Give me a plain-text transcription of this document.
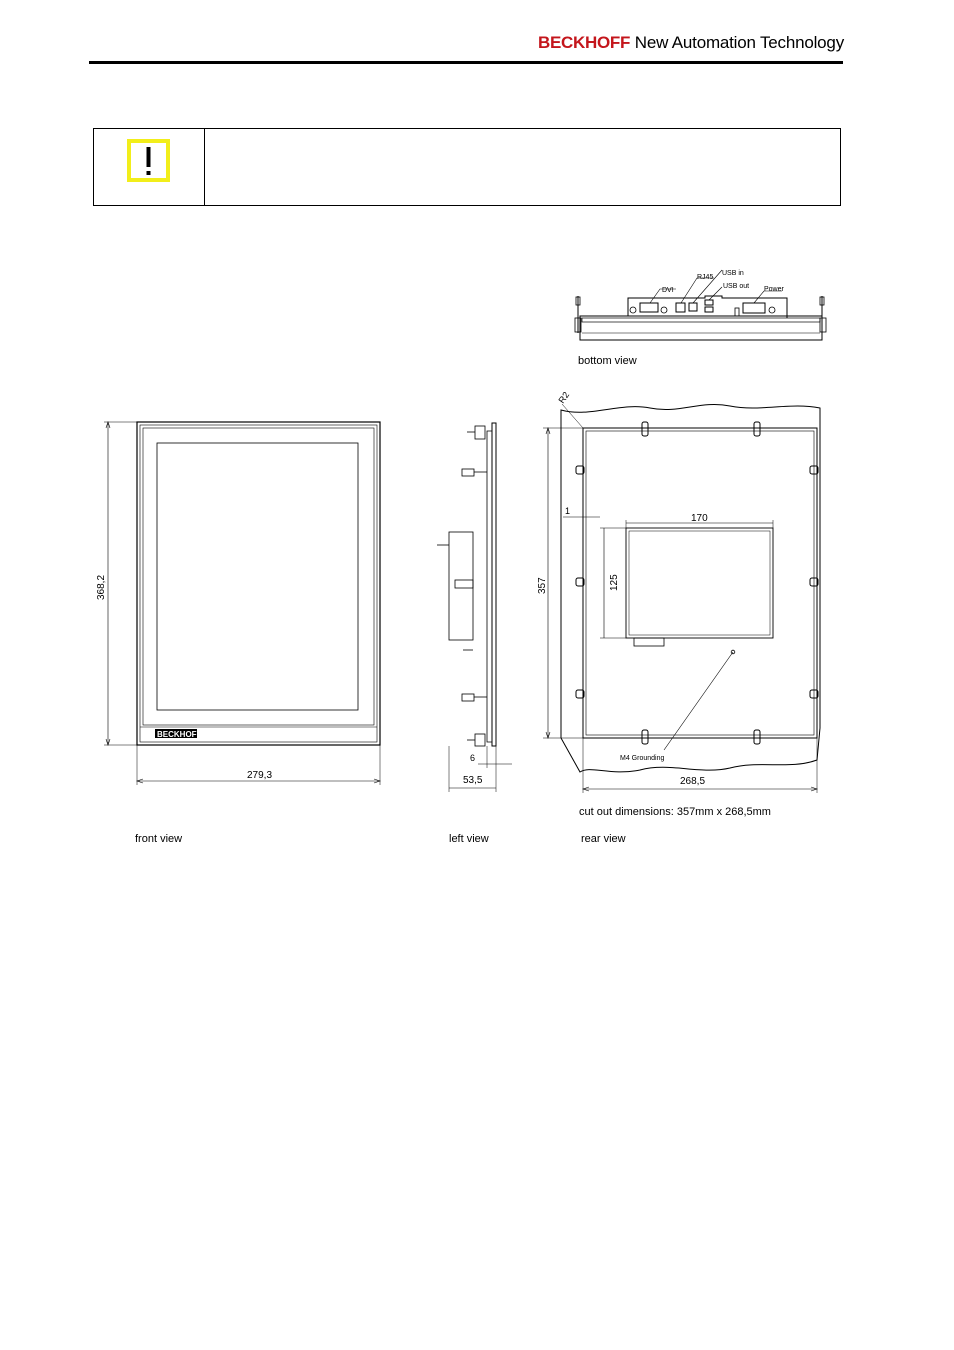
BECKHOFF New Automation Technology
DVI
RJ45
USB in
USB out Power
bottom view
BECKHOFF
368,2
279,3
front view
6
53,5
left view
R2
357
268,5
1
170
125
M4 Grounding
cut out dimensions: 357mm x 268,5mm
rear view
